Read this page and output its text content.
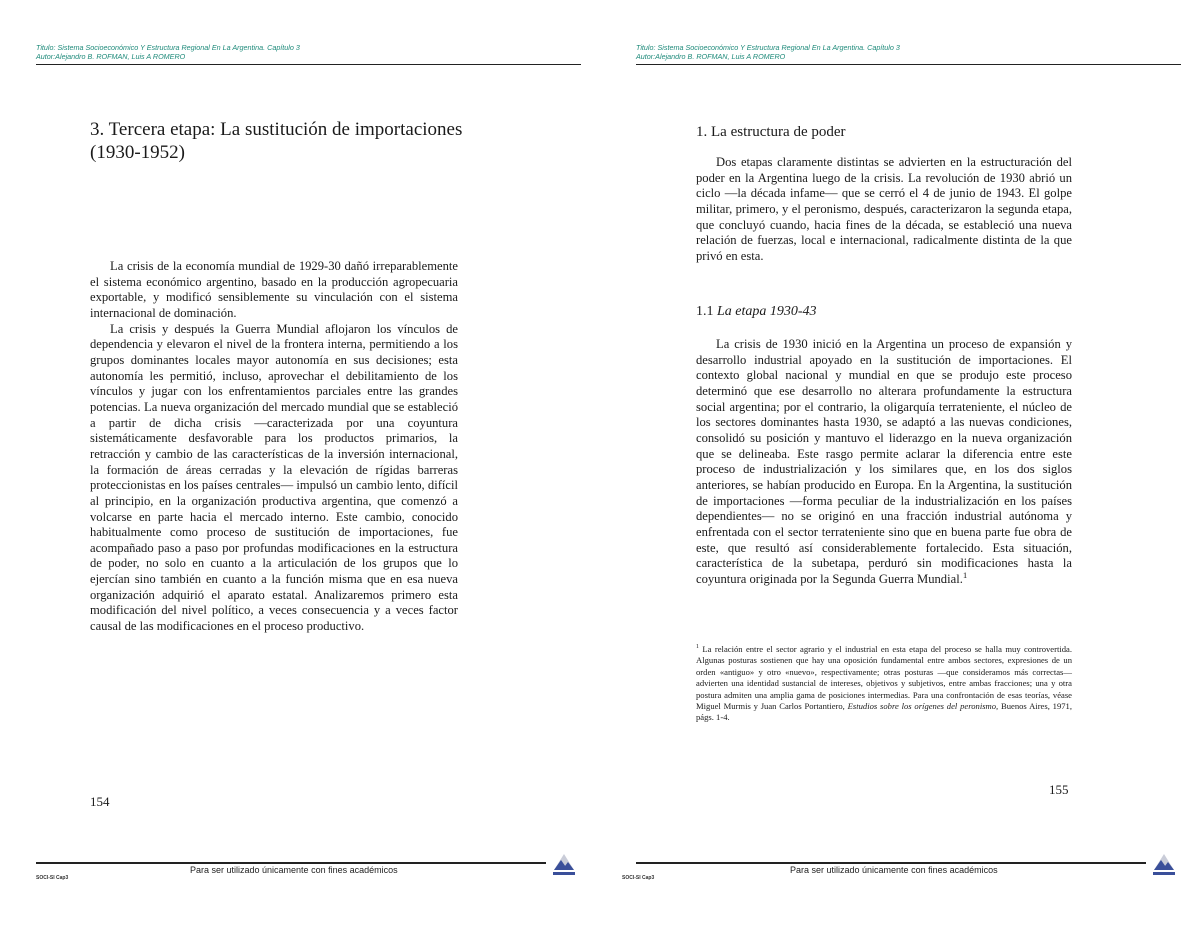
Titulo: Sistema Socioeconómico Y Estructura Regional En La Argentina. Capítulo 3
Autor:Alejandro B. ROFMAN, Luis A ROMERO
3. Tercera etapa: La sustitución de importaciones (1930-1952)

La crisis de la economía mundial de 1929-30 dañó irreparablemente el sistema económico argentino, basado en la producción agropecuaria exportable, y modificó sensiblemente su vinculación con el sistema internacional de dominación.

La crisis y después la Guerra Mundial aflojaron los vínculos de dependencia y elevaron el nivel de la frontera interna, permitiendo a los grupos dominantes locales mayor autonomía en sus decisiones; esta autonomía les permitió, incluso, aprovechar el debilitamiento de los vínculos y jugar con los enfrentamientos parciales entre las grandes potencias. La nueva organización del mercado mundial que se estableció a partir de dicha crisis —caracterizada por una coyuntura sistemáticamente desfavorable para los productos primarios, la retracción y cambio de las características de la inversión internacional, la formación de áreas cerradas y la elevación de rígidas barreras proteccionistas en los países centrales— impulsó un cambio lento, difícil al principio, en la organización productiva argentina, que comenzó a volcarse en parte hacia el mercado interno. Este cambio, conocido habitualmente como proceso de sustitución de importaciones, fue acompañado paso a paso por profundas modificaciones en la estructura de poder, no solo en cuanto a la articulación de los grupos que lo ejercían sino también en cuanto a la función misma que en esa nueva organización adquirió el aparato estatal. Analizaremos primero esta modificación del nivel político, a veces consecuencia y a veces factor causal de las modificaciones en el proceso productivo.

154
Para ser utilizado únicamente con fines académicos
SOCI-SI Cap3
Titulo: Sistema Socioeconómico Y Estructura Regional En La Argentina. Capítulo 3
Autor:Alejandro B. ROFMAN, Luis A ROMERO
Para ser utilizado únicamente con fines académicos
SOCI-SI Cap3
1. La estructura de poder

Dos etapas claramente distintas se advierten en la estructuración del poder en la Argentina luego de la crisis. La revolución de 1930 abrió un ciclo —la década infame— que se cerró el 4 de junio de 1943. El golpe militar, primero, y el peronismo, después, caracterizaron la segunda etapa, que concluyó cuando, hacia fines de la década, se estableció una nueva relación de fuerzas, local e internacional, radicalmente distinta de la que privó en esta.

1.1 La etapa 1930-43

La crisis de 1930 inició en la Argentina un proceso de expansión y desarrollo industrial apoyado en la sustitución de importaciones. El contexto global nacional y mundial en que se produjo este proceso determinó que ese desarrollo no alterara profundamente la estructura social argentina; por el contrario, la oligarquía terrateniente, el núcleo de los sectores dominantes hasta 1930, se adaptó a las nuevas condiciones, consolidó su posición y mantuvo el liderazgo en la nueva organización que se delineaba. Este rasgo permite aclarar la diferencia entre este proceso de industrialización y los similares que, en los dos siglos anteriores, se habían producido en Europa. En la Argentina, la sustitución de importaciones —forma peculiar de la industrialización en los países dependientes— no se originó en una fracción industrial autónoma y enfrentada con el sector terrateniente sino que en buena parte fue obra de este, que resultó así considerablemente fortalecido. Esta situación, característica de la subetapa, perduró sin modificaciones hasta la coyuntura originada por la Segunda Guerra Mundial.$^1$

$^1$ La relación entre el sector agrario y el industrial en esta etapa del proceso se halla muy controvertida. Algunas posturas sostienen que hay una oposición fundamental entre ambos sectores, expresiones de un orden «antiguo» y otro «nuevo», respectivamente; otras posturas —que consideramos más correctas— advierten una identidad sustancial de intereses, objetivos y subjetivos, entre ambas fracciones; una y otra postura admiten una amplia gama de posiciones intermedias. Para una confrontación de esas teorías, véase Miguel Murmis y Juan Carlos Portantiero, Estudios sobre los orígenes del peronismo, Buenos Aires, 1971, págs. 1-4.
155
